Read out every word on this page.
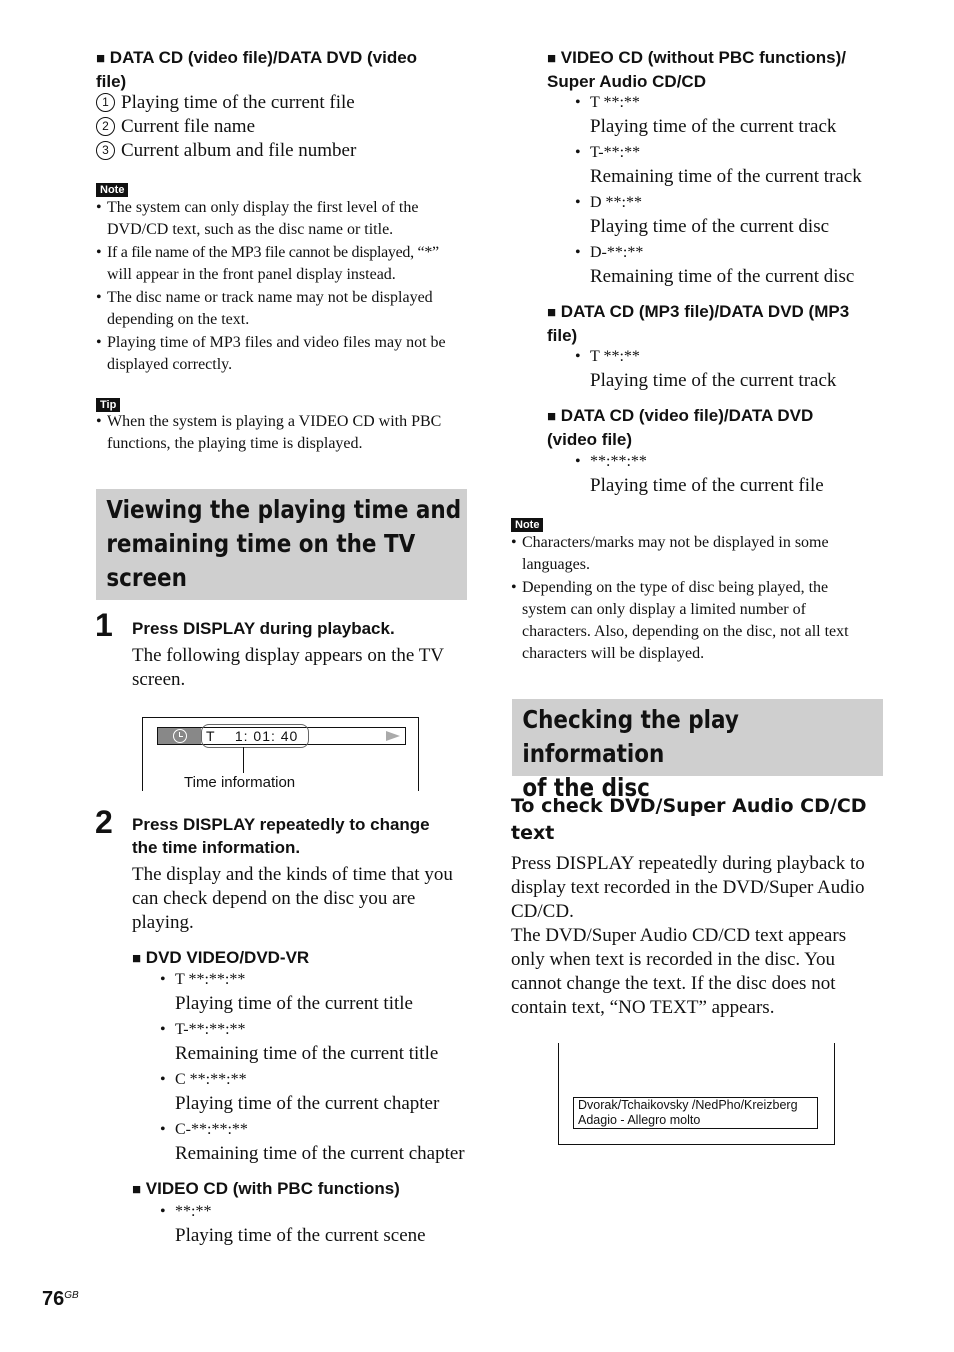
■ DATA CD (video file)/DATA DVD (video
file)
1 Playing time of the current file
2 Current file name
3 Current album and file number
Note
• The system can only display the first level of the
DVD/CD text, such as the disc name or title.
• If a file name of the MP3 file cannot be displayed, “*”
will appear in the front panel display instead.
• The disc name or track name may not be displayed
depending on the text.
• Playing time of MP3 files and video files may not be
displayed correctly.
Tip
• When the system is playing a VIDEO CD with PBC
functions, the playing time is displayed.
Viewing the playing time and
remaining time on the TV
screen
1 Press DISPLAY during playback.
The following display appears on the TV
screen.
T    1: 01: 40
Time information
2 Press DISPLAY repeatedly to change
the time information.
The display and the kinds of time that you
can check depend on the disc you are
playing.
■ DVD VIDEO/DVD-VR
• T **:**:**
Playing time of the current title
• T-**:**:**
Remaining time of the current title
• C **:**:**
Playing time of the current chapter
• C-**:**:**
Remaining time of the current chapter
■ VIDEO CD (with PBC functions)
• **:**
Playing time of the current scene
■ VIDEO CD (without PBC functions)/
Super Audio CD/CD
• T **:**
Playing time of the current track
• T-**:**
Remaining time of the current track
• D **:**
Playing time of the current disc
• D-**:**
Remaining time of the current disc
■ DATA CD (MP3 file)/DATA DVD (MP3
file)
• T **:**
Playing time of the current track
■ DATA CD (video file)/DATA DVD
(video file)
• **:**:**
Playing time of the current file
Note
• Characters/marks may not be displayed in some
languages.
• Depending on the type of disc being played, the
system can only display a limited number of
characters. Also, depending on the disc, not all text
characters will be displayed.
Checking the play information
of the disc
To check DVD/Super Audio CD/CD
text
Press DISPLAY repeatedly during playback to
display text recorded in the DVD/Super Audio
CD/CD.
The DVD/Super Audio CD/CD text appears
only when text is recorded in the disc. You
cannot change the text. If the disc does not
contain text, “NO TEXT” appears.
Dvorak/Tchaikovsky /NedPho/Kreizberg
Adagio - Allegro molto
$76^{GB}$
